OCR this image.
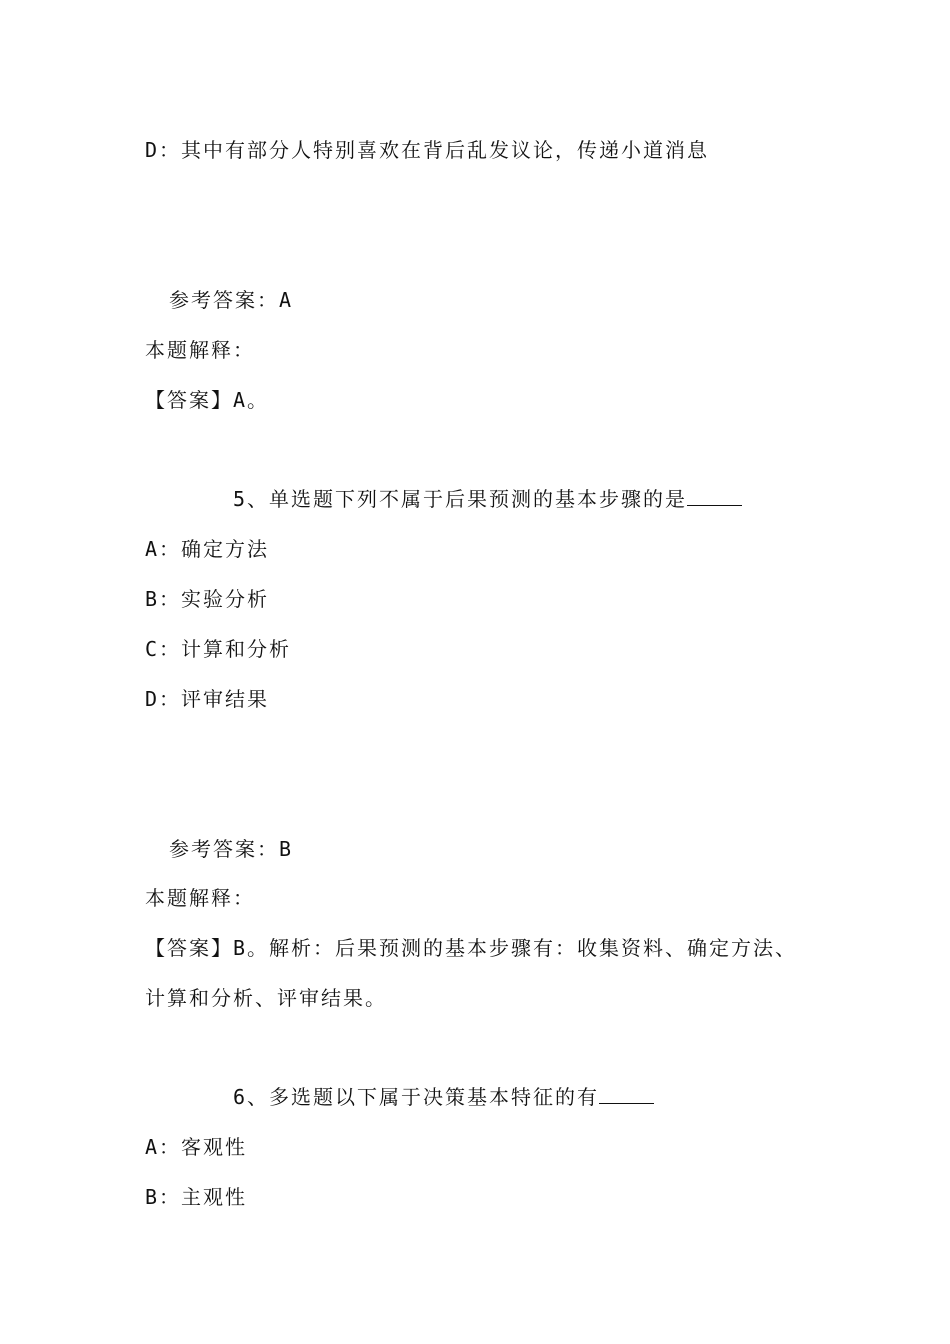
D：其中有部分人特别喜欢在背后乱发议论，传递小道消息
参考答案：A
本题解释：
【答案】A。
5、单选题下列不属于后果预测的基本步骤的是
A：确定方法
B：实验分析
C：计算和分析
D：评审结果
参考答案：B
本题解释：
【答案】B。解析：后果预测的基本步骤有：收集资料、确定方法、
计算和分析、评审结果。
6、多选题以下属于决策基本特征的有
A：客观性
B：主观性
